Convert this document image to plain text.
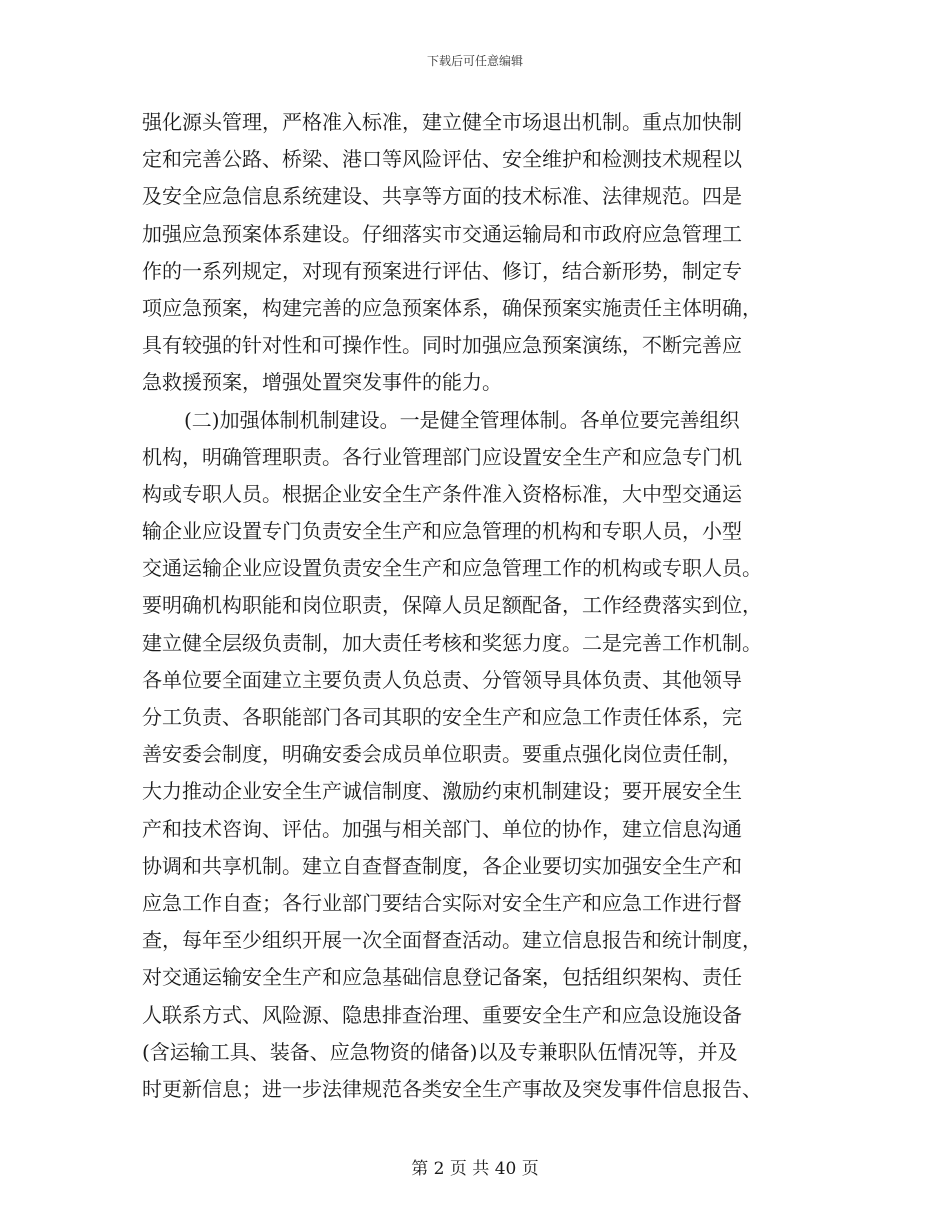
下载后可任意编辑
强化源头管理，严格准入标准，建立健全市场退出机制。重点加快制
定和完善公路、桥梁、港口等风险评估、安全维护和检测技术规程以
及安全应急信息系统建设、共享等方面的技术标准、法律规范。四是
加强应急预案体系建设。仔细落实市交通运输局和市政府应急管理工
作的一系列规定，对现有预案进行评估、修订，结合新形势，制定专
项应急预案，构建完善的应急预案体系，确保预案实施责任主体明确，
具有较强的针对性和可操作性。同时加强应急预案演练，不断完善应
急救援预案，增强处置突发事件的能力。
(二)加强体制机制建设。一是健全管理体制。各单位要完善组织
机构，明确管理职责。各行业管理部门应设置安全生产和应急专门机
构或专职人员。根据企业安全生产条件准入资格标准，大中型交通运
输企业应设置专门负责安全生产和应急管理的机构和专职人员，小型
交通运输企业应设置负责安全生产和应急管理工作的机构或专职人员。
要明确机构职能和岗位职责，保障人员足额配备，工作经费落实到位，
建立健全层级负责制，加大责任考核和奖惩力度。二是完善工作机制。
各单位要全面建立主要负责人负总责、分管领导具体负责、其他领导
分工负责、各职能部门各司其职的安全生产和应急工作责任体系，完
善安委会制度，明确安委会成员单位职责。要重点强化岗位责任制，
大力推动企业安全生产诚信制度、激励约束机制建设；要开展安全生
产和技术咨询、评估。加强与相关部门、单位的协作，建立信息沟通
协调和共享机制。建立自查督查制度，各企业要切实加强安全生产和
应急工作自查；各行业部门要结合实际对安全生产和应急工作进行督
查，每年至少组织开展一次全面督查活动。建立信息报告和统计制度，
对交通运输安全生产和应急基础信息登记备案，包括组织架构、责任
人联系方式、风险源、隐患排查治理、重要安全生产和应急设施设备
(含运输工具、装备、应急物资的储备)以及专兼职队伍情况等，并及
时更新信息；进一步法律规范各类安全生产事故及突发事件信息报告、
第 2 页 共 40 页
